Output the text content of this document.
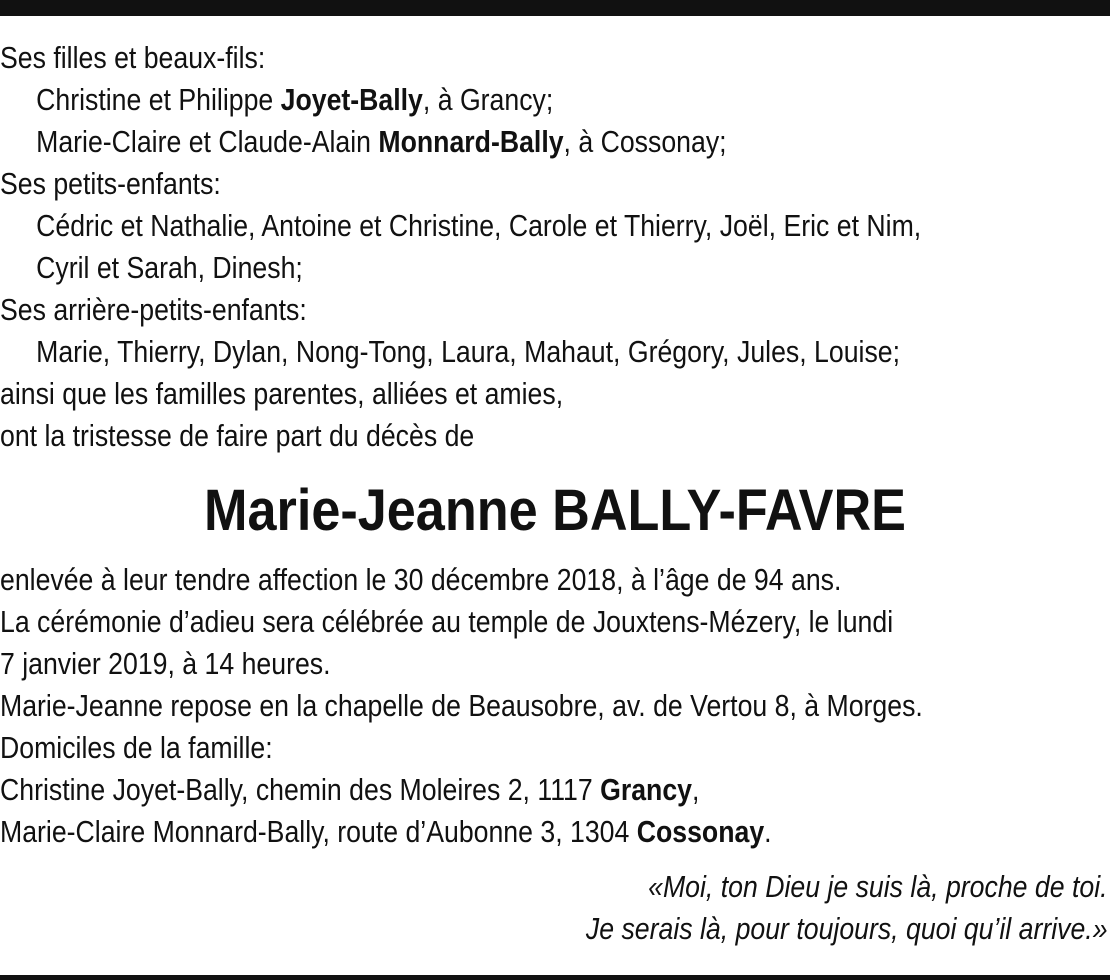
Ses filles et beaux-fils:
Christine et Philippe Joyet-Bally, à Grancy;
Marie-Claire et Claude-Alain Monnard-Bally, à Cossonay;
Ses petits-enfants:
Cédric et Nathalie, Antoine et Christine, Carole et Thierry, Joël, Eric et Nim,
Cyril et Sarah, Dinesh;
Ses arrière-petits-enfants:
Marie, Thierry, Dylan, Nong-Tong, Laura, Mahaut, Grégory, Jules, Louise;
ainsi que les familles parentes, alliées et amies,
ont la tristesse de faire part du décès de
Marie-Jeanne BALLY-FAVRE
enlevée à leur tendre affection le 30 décembre 2018, à l’âge de 94 ans.
La cérémonie d’adieu sera célébrée au temple de Jouxtens-Mézery, le lundi
7 janvier 2019, à 14 heures.
Marie-Jeanne repose en la chapelle de Beausobre, av. de Vertou 8, à Morges.
Domiciles de la famille:
Christine Joyet-Bally, chemin des Moleires 2, 1117 Grancy,
Marie-Claire Monnard-Bally, route d’Aubonne 3, 1304 Cossonay.
«Moi, ton Dieu je suis là, proche de toi.
Je serais là, pour toujours, quoi qu’il arrive.»
